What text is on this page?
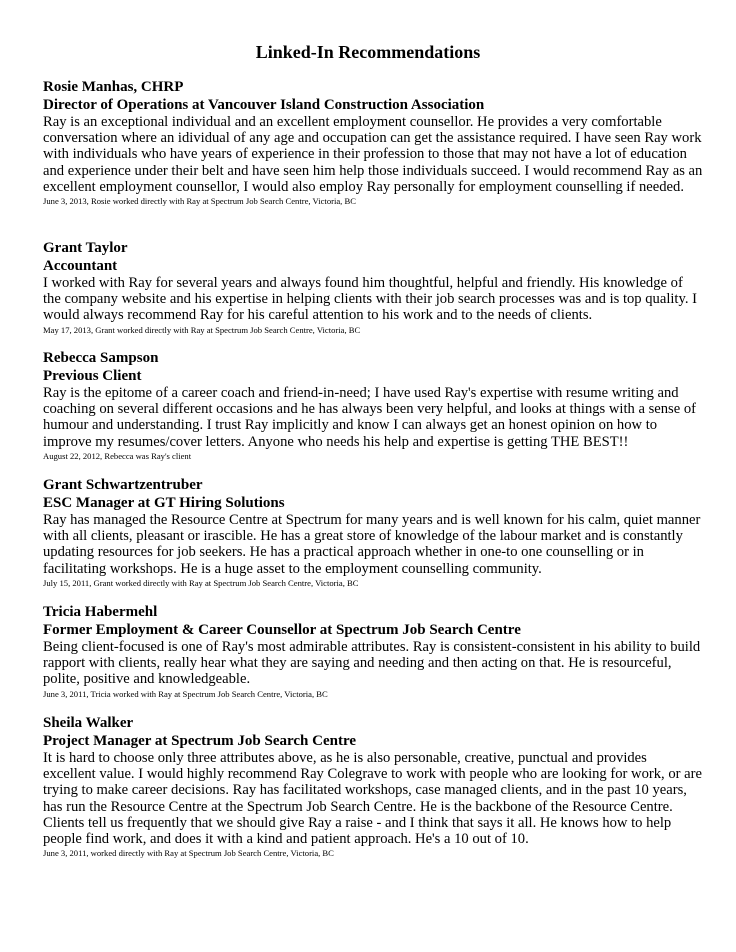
Linked-In Recommendations
Rosie Manhas, CHRP
Director of Operations at Vancouver Island Construction Association

Ray is an exceptional individual and an excellent employment counsellor. He provides a very comfortable conversation where an idividual of any age and occupation can get the assistance required. I have seen Ray work with individuals who have years of experience in their profession to those that may not have a lot of education and experience under their belt and have seen him help those individuals succeed. I would recommend Ray as an excellent employment counsellor, I would also employ Ray personally for employment counselling if needed.

June 3, 2013, Rosie worked directly with Ray at Spectrum Job Search Centre, Victoria, BC
Grant Taylor
Accountant

I worked with Ray for several years and always found him thoughtful, helpful and friendly. His knowledge of the company website and his expertise in helping clients with their job search processes was and is top quality. I would always recommend Ray for his careful attention to his work and to the needs of clients.

May 17, 2013, Grant worked directly with Ray at Spectrum Job Search Centre, Victoria, BC
Rebecca Sampson
Previous Client

Ray is the epitome of a career coach and friend-in-need; I have used Ray's expertise with resume writing and coaching on several different occasions and he has always been very helpful, and looks at things with a sense of humour and understanding. I trust Ray implicitly and know I can always get an honest opinion on how to improve my resumes/cover letters. Anyone who needs his help and expertise is getting THE BEST!!

August 22, 2012, Rebecca was Ray's client
Grant Schwartzentruber
ESC Manager at GT Hiring Solutions

Ray has managed the Resource Centre at Spectrum for many years and is well known for his calm, quiet manner with all clients, pleasant or irascible. He has a great store of knowledge of the labour market and is constantly updating resources for job seekers. He has a practical approach whether in one-to one counselling or in facilitating workshops. He is a huge asset to the employment counselling community.

July 15, 2011, Grant worked directly with Ray at Spectrum Job Search Centre, Victoria, BC
Tricia Habermehl
Former Employment & Career Counsellor at Spectrum Job Search Centre

Being client-focused is one of Ray's most admirable attributes. Ray is consistent-consistent in his ability to build rapport with clients, really hear what they are saying and needing and then acting on that. He is resourceful, polite, positive and knowledgeable.

June 3, 2011, Tricia worked with Ray at Spectrum Job Search Centre, Victoria, BC
Sheila Walker
Project Manager at Spectrum Job Search Centre

It is hard to choose only three attributes above, as he is also personable, creative, punctual and provides excellent value. I would highly recommend Ray Colegrave to work with people who are looking for work, or are trying to make career decisions. Ray has facilitated workshops, case managed clients, and in the past 10 years, has run the Resource Centre at the Spectrum Job Search Centre. He is the backbone of the Resource Centre. Clients tell us frequently that we should give Ray a raise - and I think that says it all. He knows how to help people find work, and does it with a kind and patient approach. He's a 10 out of 10.

June 3, 2011, worked directly with Ray at Spectrum Job Search Centre, Victoria, BC
